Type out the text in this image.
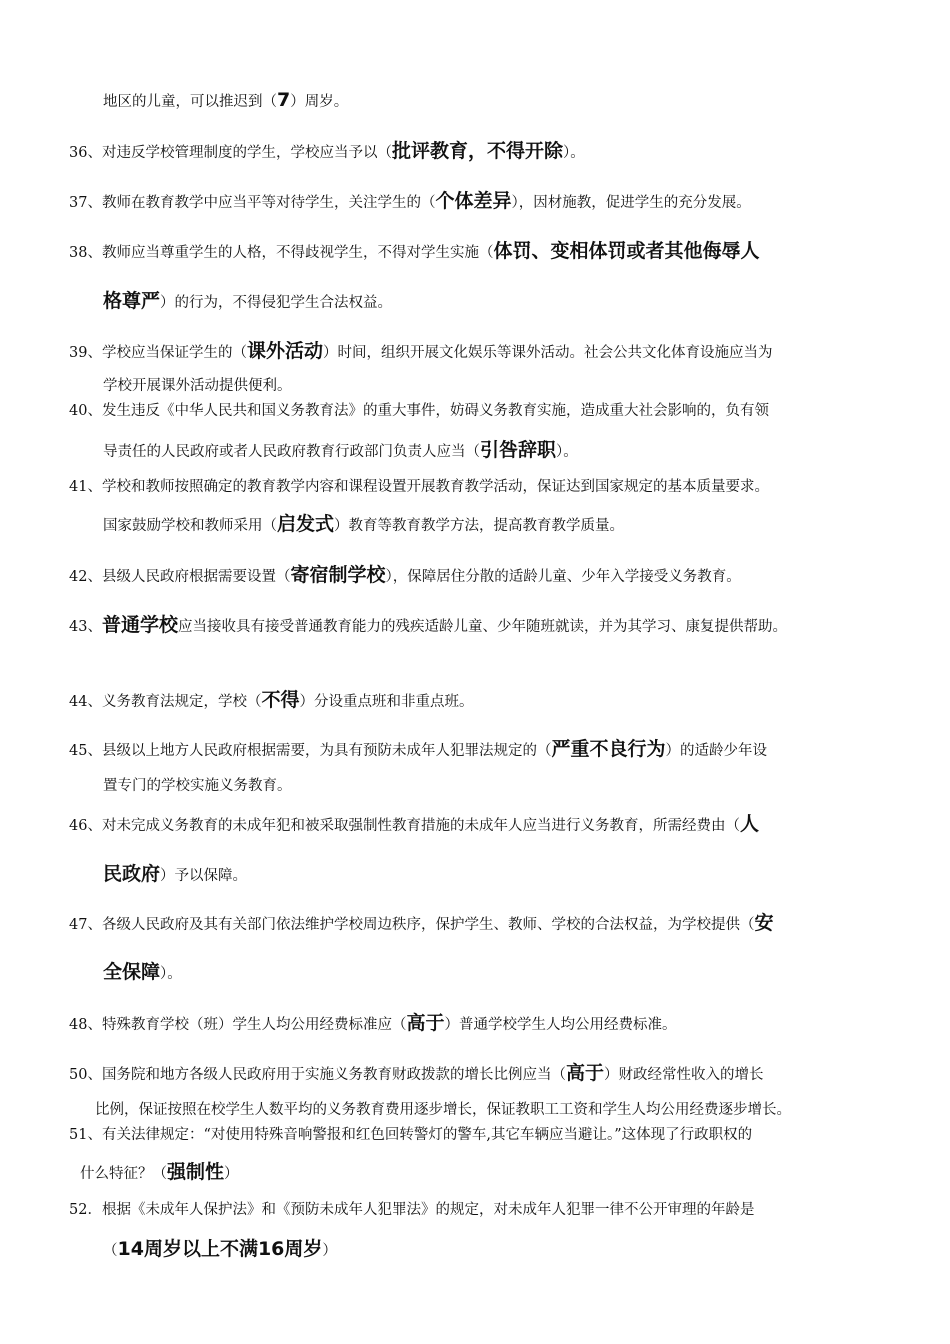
地区的儿童，可以推迟到（7）周岁。
36、对违反学校管理制度的学生，学校应当予以（批评教育，不得开除）。
37、教师在教育教学中应当平等对待学生，关注学生的（个体差异），因材施教，促进学生的充分发展。
38、教师应当尊重学生的人格，不得歧视学生，不得对学生实施（体罚、变相体罚或者其他侮辱人
格尊严）的行为，不得侵犯学生合法权益。
39、学校应当保证学生的（课外活动）时间，组织开展文化娱乐等课外活动。社会公共文化体育设施应当为
学校开展课外活动提供便利。
40、发生违反《中华人民共和国义务教育法》的重大事件，妨碍义务教育实施，造成重大社会影响的，负有领
导责任的人民政府或者人民政府教育行政部门负责人应当（引咎辞职）。
41、学校和教师按照确定的教育教学内容和课程设置开展教育教学活动，保证达到国家规定的基本质量要求。
国家鼓励学校和教师采用（启发式）教育等教育教学方法，提高教育教学质量。
42、县级人民政府根据需要设置（寄宿制学校），保障居住分散的适龄儿童、少年入学接受义务教育。
43、普通学校应当接收具有接受普通教育能力的残疾适龄儿童、少年随班就读，并为其学习、康复提供帮助。
44、义务教育法规定，学校（不得）分设重点班和非重点班。
45、县级以上地方人民政府根据需要，为具有预防未成年人犯罪法规定的（严重不良行为）的适龄少年设
置专门的学校实施义务教育。
46、对未完成义务教育的未成年犯和被采取强制性教育措施的未成年人应当进行义务教育，所需经费由（人
民政府）予以保障。
47、各级人民政府及其有关部门依法维护学校周边秩序，保护学生、教师、学校的合法权益，为学校提供（安
全保障）。
48、特殊教育学校（班）学生人均公用经费标准应（高于）普通学校学生人均公用经费标准。
50、国务院和地方各级人民政府用于实施义务教育财政拨款的增长比例应当（高于）财政经常性收入的增长
比例，保证按照在校学生人数平均的义务教育费用逐步增长，保证教职工工资和学生人均公用经费逐步增长。
51、有关法律规定：“对使用特殊音响警报和红色回转警灯的警车,其它车辆应当避让。”这体现了行政职权的
什么特征？（强制性）
52．根据《未成年人保护法》和《预防未成年人犯罪法》的规定，对未成年人犯罪一律不公开审理的年龄是
（14周岁以上不满16周岁）
